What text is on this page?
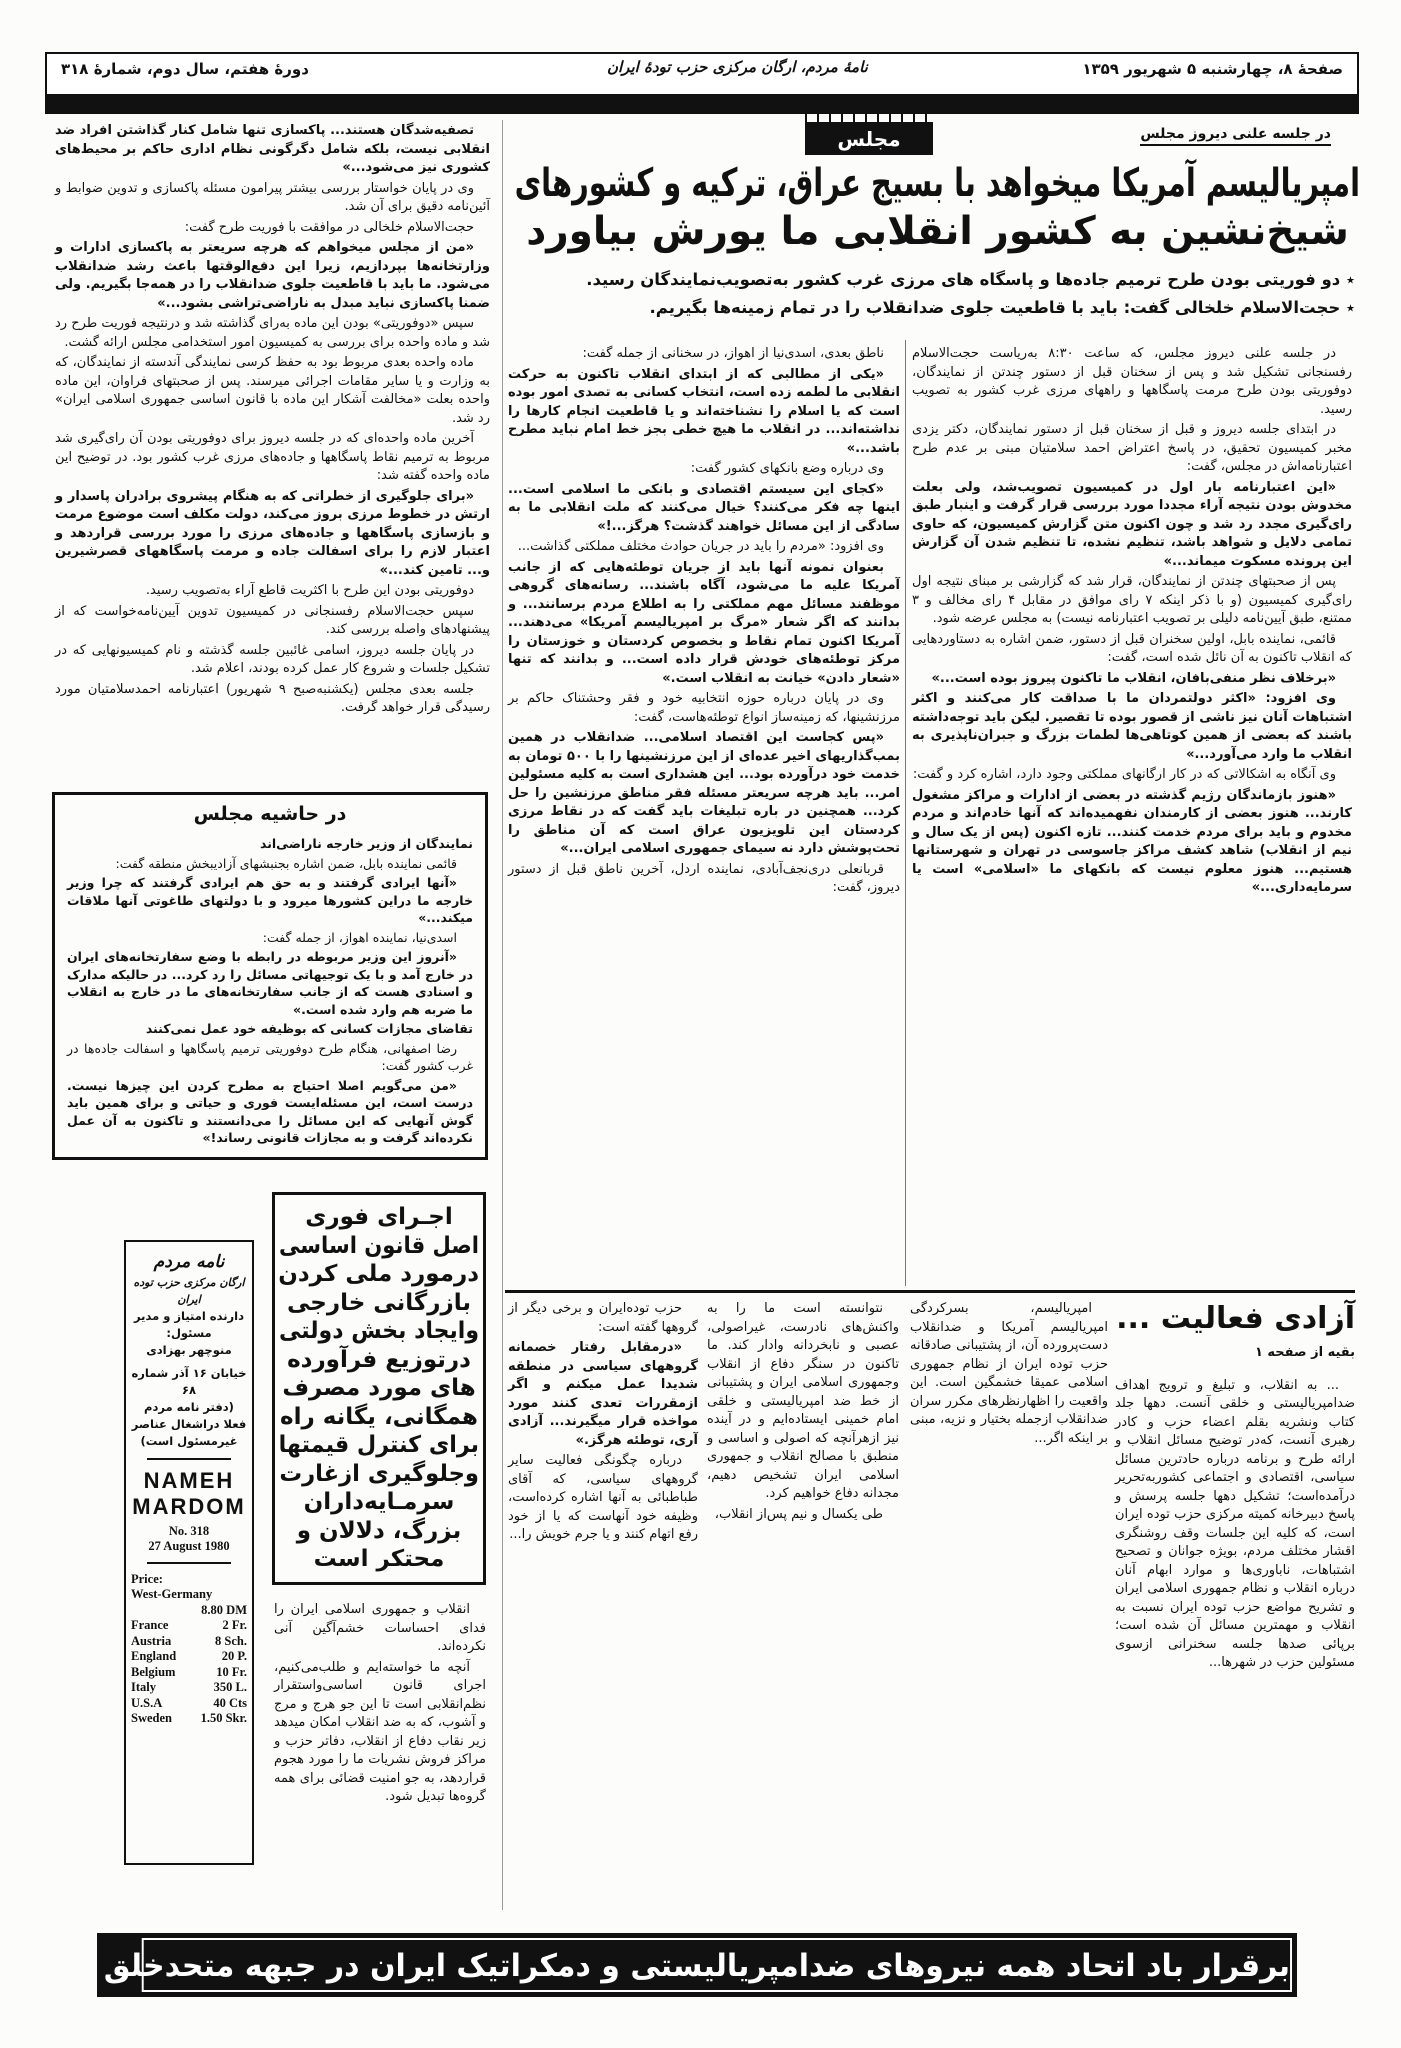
صفحهٔ ۸، چهارشنبه ۵ شهریور ۱۳۵۹
نامهٔ مردم، ارگان مرکزی حزب تودهٔ ایران
دورهٔ هفتم، سال دوم، شمارهٔ ۳۱۸
مجلس	در جلسه علنی دیروز مجلس
امپریالیسم آمریکا میخواهد با بسیج عراق، ترکیه و کشورهای
شیخ‌نشین به کشور انقلابی ما یورش بیاورد
٭ دو فوریتی بودن طرح ترمیم جاده‌ها و پاسگاه های مرزی غرب کشور به‌تصویب‌نمایندگان رسید.
٭ حجت‌الاسلام خلخالی گفت: باید با قاطعیت جلوی ضدانقلاب را در تمام زمینه‌ها بگیریم.

در جلسه علنی دیروز مجلس، که ساعت ۸:۳۰ به‌ریاست حجت‌الاسلام رفسنجانی تشکیل شد و پس از سخنان قبل از دستور چندتن از نمایندگان، دوفوریتی بودن طرح مرمت پاسگاهها و راههای مرزی غرب کشور به تصویب رسید.

در ابتدای جلسه دیروز و قبل از سخنان قبل از دستور نمایندگان، دکتر یزدی مخبر کمیسیون تحقیق، در پاسخ اعتراض احمد سلامتیان مبنی بر عدم طرح اعتبارنامه‌اش در مجلس، گفت:

«این اعتبارنامه بار اول در کمیسیون تصویب‌شد، ولی بعلت مخدوش بودن نتیجه آراء مجددا مورد بررسی قرار گرفت و اینبار طبق رای‌گیری مجدد رد شد و چون اکنون متن گزارش کمیسیون، که حاوی تمامی دلایل و شواهد باشد، تنظیم نشده، تا تنظیم شدن آن گزارش این پرونده مسکوت میماند...»

پس از صحبتهای چندتن از نمایندگان، قرار شد که گزارشی بر مبنای نتیجه اول رای‌گیری کمیسیون (و با ذکر اینکه ۷ رای موافق در مقابل ۴ رای مخالف و ۳ ممتنع، طبق آیین‌نامه دلیلی بر تصویب اعتبارنامه نیست) به مجلس عرضه شود.

قائمی، نماینده بابل، اولین سخنران قبل از دستور، ضمن اشاره به دستاوردهایی که انقلاب تاکنون به آن نائل شده است، گفت:

«برخلاف نظر منفی‌بافان، انقلاب ما تاکنون پیروز بوده است...»

وی افزود: «اکثر دولتمردان ما با صداقت کار می‌کنند و اکثر اشتباهات آنان نیز ناشی از قصور بوده تا تقصیر. لیکن باید توجه‌داشته باشند که بعضی از همین کوتاهی‌ها لطمات بزرگ و جبران‌ناپذیری به انقلاب ما وارد می‌آورد...»

وی آنگاه به اشکالاتی که در کار ارگانهای مملکتی وجود دارد، اشاره کرد و گفت:

«هنوز بازماندگان رژیم گذشته در بعضی از ادارات و مراکز مشغول کارند... هنوز بعضی از کارمندان نفهمیده‌اند که آنها خادم‌اند و مردم مخدوم و باید برای مردم خدمت کنند... تازه اکنون (پس از یک سال و نیم از انقلاب) شاهد کشف مراکز جاسوسی در تهران و شهرستانها هستیم... هنوز معلوم نیست که بانکهای ما «اسلامی» است یا سرمایه‌داری...»

ناطق بعدی، اسدی‌نیا از اهواز، در سخنانی از جمله گفت:

«یکی از مطالبی که از ابتدای انقلاب تاکنون به حرکت انقلابی ما لطمه زده است، انتخاب کسانی به تصدی امور بوده است که یا اسلام را نشناخته‌اند و یا قاطعیت انجام کارها را نداشته‌اند... در انقلاب ما هیچ خطی بجز خط امام نباید مطرح باشد...»

وی درباره وضع بانکهای کشور گفت:

«کجای این سیستم اقتصادی و بانکی ما اسلامی است... اینها چه فکر می‌کنند؟ خیال می‌کنند که ملت انقلابی ما به سادگی از این مسائل خواهند گذشت؟ هرگز...!»

وی افزود: «مردم را باید در جریان حوادث مختلف مملکتی گذاشت...

بعنوان نمونه آنها باید از جریان توطئه‌هایی که از جانب آمریکا علیه ما می‌شود، آگاه باشند... رسانه‌های گروهی موظفند مسائل مهم مملکتی را به اطلاع مردم برسانند... و بدانند که اگر شعار «مرگ بر امپریالیسم آمریکا» می‌دهند... آمریکا اکنون تمام نقاط و بخصوص کردستان و خوزستان را مرکز توطئه‌های خودش قرار داده است... و بدانند که تنها «شعار دادن» خیانت به انقلاب است.»

وی در پایان درباره حوزه انتخابیه خود و فقر وحشتناک حاکم بر مرزنشینها، که زمینه‌ساز انواع توطئه‌هاست، گفت:

«پس کجاست این اقتصاد اسلامی... ضدانقلاب در همین بمب‌گذاریهای اخیر عده‌ای از این مرزنشینها را با ۵۰۰ تومان به خدمت خود درآورده بود... این هشداری است به کلیه مسئولین امر... باید هرچه سریعتر مسئله فقر مناطق مرزنشین را حل کرد... همچنین در باره تبلیغات باید گفت که در نقاط مرزی کردستان این تلویزیون عراق است که آن مناطق را تحت‌پوشش دارد نه سیمای جمهوری اسلامی ایران...»

قربانعلی دری‌نجف‌آبادی، نماینده اردل، آخرین ناطق قبل از دستور دیروز، گفت:

تصفیه‌شدگان هستند... پاکسازی تنها شامل کنار گذاشتن افراد ضد انقلابی نیست، بلکه شامل دگرگونی نظام اداری حاکم بر محیط‌های کشوری نیز می‌شود...»

وی در پایان خواستار بررسی بیشتر پیرامون مسئله پاکسازی و تدوین ضوابط و آئین‌نامه دقیق برای آن شد.

حجت‌الاسلام خلخالی در موافقت با فوریت طرح گفت:

«من از مجلس میخواهم که هرچه سریعتر به پاکسازی ادارات و وزارتخانه‌ها بپردازیم، زیرا این دفع‌الوقتها باعث رشد ضدانقلاب می‌شود. ما باید با قاطعیت جلوی ضدانقلاب را در همه‌جا بگیریم. ولی ضمنا پاکسازی نباید مبدل به ناراضی‌تراشی بشود...»

سپس «دوفوریتی» بودن این ماده به‌رای گذاشته شد و درنتیجه فوریت طرح رد شد و ماده واحده برای بررسی به کمیسیون امور استخدامی مجلس ارائه گشت.

ماده واحده بعدی مربوط بود به حفظ کرسی نمایندگی آندسته از نمایندگان، که به وزارت و یا سایر مقامات اجرائی میرسند. پس از صحبتهای فراوان، این ماده واحده بعلت «مخالفت آشکار این ماده با قانون اساسی جمهوری اسلامی ایران» رد شد.

آخرین ماده واحده‌ای که در جلسه دیروز برای دوفوریتی بودن آن رای‌گیری شد مربوط به ترمیم نقاط پاسگاهها و جاده‌های مرزی غرب کشور بود. در توضیح این ماده واحده گفته شد:

«برای جلوگیری از خطراتی که به هنگام پیشروی برادران پاسدار و ارتش در خطوط مرزی بروز می‌کند، دولت مکلف است موضوع مرمت و بازسازی پاسگاهها و جاده‌های مرزی را مورد بررسی قراردهد و اعتبار لازم را برای اسفالت جاده و مرمت پاسگاههای قصرشیرین و... تامین کند...»

دوفوریتی بودن این طرح با اکثریت قاطع آراء به‌تصویب رسید.

سپس حجت‌الاسلام رفسنجانی در کمیسیون تدوین آیین‌نامه‌خواست که از پیشنهادهای واصله بررسی کند.

در پایان جلسه دیروز، اسامی غائبین جلسه گذشته و نام کمیسیونهایی که در تشکیل جلسات و شروع کار عمل کرده بودند، اعلام شد.

جلسه بعدی مجلس (یکشنبه‌صبح ۹ شهریور) اعتبارنامه احمدسلامتیان مورد رسیدگی قرار خواهد گرفت.

در حاشیه مجلس

نمایندگان از وزیر خارجه ناراضی‌اند

قائمی نماینده بابل، ضمن اشاره بجنبشهای آزادیبخش منطقه گفت:

«آنها ایرادی گرفتند و به حق هم ایرادی گرفتند که چرا وزیر خارجه ما دراین کشورها میرود و با دولتهای طاغوتی آنها ملاقات میکند...»

اسدی‌نیا، نماینده اهواز، از جمله گفت:

«آنروز این وزیر مربوطه در رابطه با وضع سفارتخانه‌های ایران در خارج آمد و با یک توجیهاتی مسائل را رد کرد... در حالیکه مدارک و اسنادی هست که از جانب سفارتخانه‌های ما در خارج به انقلاب ما ضربه هم وارد شده است.»

تقاضای مجازات کسانی که بوظیفه خود عمل نمی‌کنند

رضا اصفهانی، هنگام طرح دوفوریتی ترمیم پاسگاهها و اسفالت جاده‌ها در غرب کشور گفت:

«من می‌گویم اصلا احتیاج به مطرح کردن این چیزها نیست. درست است، این مسئله‌ایست فوری و حیاتی و برای همین باید گوش آنهایی که این مسائل را می‌دانستند و تاکنون به آن عمل نکرده‌اند گرفت و به مجازات قانونی رساند!»

اجـرای فوری
اصل قانون اساسی
درمورد ملی کردن
بازرگانی خارجی
وایجاد بخش دولتی
درتوزیع فرآورده
های مورد مصرف
همگانی، یگانه راه
برای کنترل قیمتها
وجلوگیری ازغارت
سرمـایه‌داران
بزرگ، دلالان و
محتکر است
نامه مردم
ارگان مرکزی حزب توده ایران
دارنده امتیاز و مدیر مسئول:
منوچهر بهزادی
خیابان ۱۶ آذر شماره ۶۸
(دفتر نامه مردم فعلا دراشغال عناصر غیرمسئول است)
NAMEH
MARDOM
No. 318
27 August 1980
Price:
West-Germany	
	8.80 DM
France	2 Fr.
Austria	8 Sch.
England	20 P.
Belgium	10 Fr.
Italy	350 L.
U.S.A	40 Cts
Sweden	1.50 Skr.

انقلاب و جمهوری اسلامی ایران را فدای احساسات خشم‌آگین آنی نکرده‌اند.

آنچه ما خواسته‌ایم و طلب‌می‌کنیم، اجرای قانون اساسی‌واستقرار نظم‌انقلابی است تا این جو هرج و مرج و آشوب، که به ضد انقلاب امکان میدهد زیر نقاب دفاع از انقلاب، دفاتر حزب و مراکز فروش نشریات ما را مورد هجوم قراردهد، به جو امنیت قضائی برای همه گروه‌ها تبدیل شود.

آزادی فعالیت ...
بقیه از صفحه ۱

... به انقلاب، و تبلیغ و ترویج اهداف ضدامپریالیستی و خلقی آنست. دهها جلد کتاب ونشریه بقلم اعضاء حزب و کادر رهبری آنست، که‌در توضیح مسائل انقلاب و ارائه طرح و برنامه درباره حادترین مسائل سیاسی، اقتصادی و اجتماعی کشوربه‌تحریر درآمده‌است؛ تشکیل دهها جلسه پرسش و پاسخ دبیرخانه کمیته مرکزی حزب توده ایران است، که کلیه این جلسات وقف روشنگری اقشار مختلف مردم، بویژه جوانان و تصحیح اشتباهات، ناباوری‌ها و موارد ابهام آنان درباره انقلاب و نظام جمهوری اسلامی ایران و تشریح مواضع حزب توده ایران نسبت به انقلاب و مهمترین مسائل آن شده است؛ برپائی صدها جلسه سخنرانی ازسوی مسئولین حزب در شهرها...

امپریالیسم، بسرکردگی امپریالیسم آمریکا و ضدانقلاب دست‌پرورده آن، از پشتیبانی صادقانه حزب توده ایران از نظام جمهوری اسلامی عمیقا خشمگین است. این واقعیت را اظهارنظرهای مکرر سران ضدانقلاب ازجمله بختیار و نزیه، مبنی بر اینکه اگر...

نتوانسته است ما را به واکنش‌های نادرست، غیراصولی، عصبی و نابخردانه وادار کند. ما تاکنون در سنگر دفاع از انقلاب وجمهوری اسلامی ایران و پشتیبانی از خط ضد امپریالیستی و خلقی امام خمینی ایستاده‌ایم و در آینده نیز ازهرآنچه که اصولی و اساسی و منطبق با مصالح انقلاب و جمهوری اسلامی ایران تشخیص دهیم، مجدانه دفاع خواهیم کرد.

طی یکسال و نیم پس‌از انقلاب،

حزب توده‌ایران و برخی دیگر از گروهها گفته است:

«درمقابل رفتار خصمانه گروههای سیاسی در منطقه شدیدا عمل میکنم و اگر ازمقررات تعدی کنند مورد مواخذه قرار میگیرند... آزادی آری، توطئه هرگز.»

درباره چگونگی فعالیت سایر گروههای سیاسی، که آقای طباطبائی به آنها اشاره کرده‌است، وظیفه خود آنهاست که یا از خود رفع اتهام کنند و یا جرم خویش را...

برقرار باد اتحاد همه نیروهای ضدامپریالیستی و دمکراتیک ایران در جبهه متحدخلق
